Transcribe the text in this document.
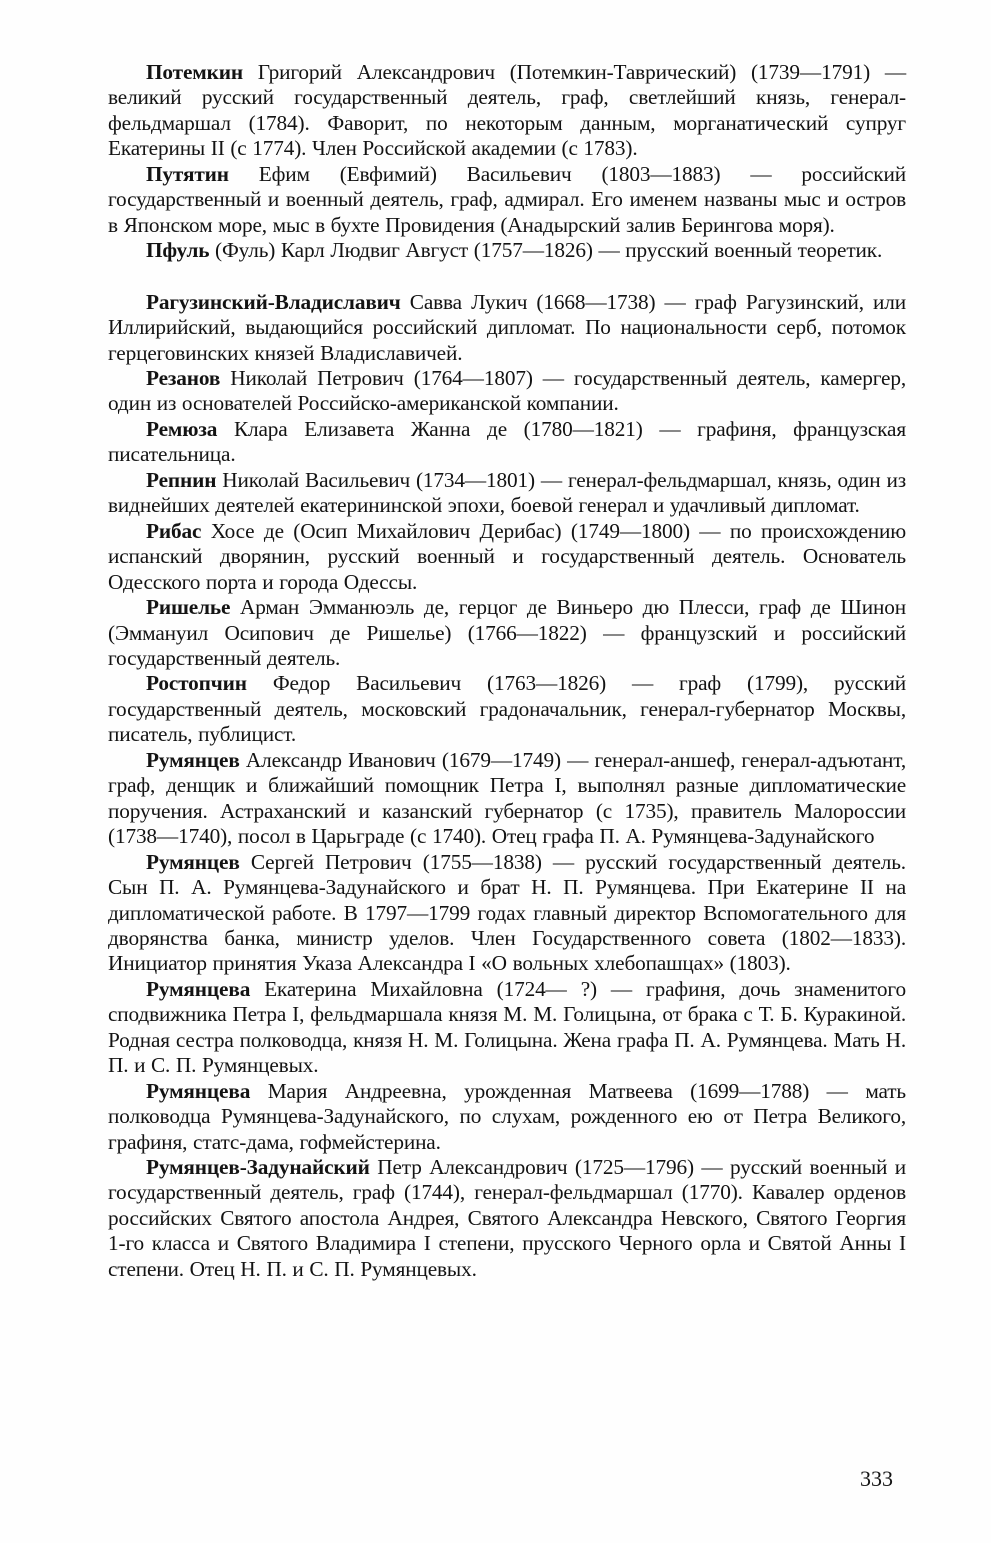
Потемкин Григорий Александрович (Потемкин-Таврический) (1739—1791) — великий русский государственный деятель, граф, светлейший князь, генерал-фельдмаршал (1784). Фаворит, по некоторым данным, морганатический супруг Екатерины II (с 1774). Член Российской академии (с 1783).

Путятин Ефим (Евфимий) Васильевич (1803—1883) — российский государственный и военный деятель, граф, адмирал. Его именем названы мыс и остров в Японском море, мыс в бухте Провидения (Анадырский залив Берингова моря).

Пфуль (Фуль) Карл Людвиг Август (1757—1826) — прусский военный теоретик.

Рагузинский-Владиславич Савва Лукич (1668—1738) — граф Рагузинский, или Иллирийский, выдающийся российский дипломат. По национальности серб, потомок герцеговинских князей Владиславичей.

Резанов Николай Петрович (1764—1807) — государственный деятель, камергер, один из основателей Российско-американской компании.

Ремюза Клара Елизавета Жанна де (1780—1821) — графиня, французская писательница.

Репнин Николай Васильевич (1734—1801) — генерал-фельдмаршал, князь, один из виднейших деятелей екатерининской эпохи, боевой генерал и удачливый дипломат.

Рибас Хосе де (Осип Михайлович Дерибас) (1749—1800) — по происхождению испанский дворянин, русский военный и государственный деятель. Основатель Одесского порта и города Одессы.

Ришелье Арман Эмманюэль де, герцог де Виньеро дю Плесси, граф де Шинон (Эммануил Осипович де Ришелье) (1766—1822) — французский и российский государственный деятель.

Ростопчин Федор Васильевич (1763—1826) — граф (1799), русский государственный деятель, московский градоначальник, генерал-губернатор Москвы, писатель, публицист.

Румянцев Александр Иванович (1679—1749) — генерал-аншеф, генерал-адъютант, граф, денщик и ближайший помощник Петра I, выполнял разные дипломатические поручения. Астраханский и казанский губернатор (с 1735), правитель Малороссии (1738—1740), посол в Царьграде (с 1740). Отец графа П. А. Румянцева-Задунайского

Румянцев Сергей Петрович (1755—1838) — русский государственный деятель. Сын П. А. Румянцева-Задунайского и брат Н. П. Румянцева. При Екатерине II на дипломатической работе. В 1797—1799 годах главный директор Вспомогательного для дворянства банка, министр уделов. Член Государственного совета (1802—1833). Инициатор принятия Указа Александра I «О вольных хлебопашцах» (1803).

Румянцева Екатерина Михайловна (1724— ?) — графиня, дочь знаменитого сподвижника Петра I, фельдмаршала князя М. М. Голицына, от брака с Т. Б. Куракиной. Родная сестра полководца, князя Н. М. Голицына. Жена графа П. А. Румянцева. Мать Н. П. и С. П. Румянцевых.

Румянцева Мария Андреевна, урожденная Матвеева (1699—1788) — мать полководца Румянцева-Задунайского, по слухам, рожденного ею от Петра Великого, графиня, статс-дама, гофмейстерина.

Румянцев-Задунайский Петр Александрович (1725—1796) — русский военный и государственный деятель, граф (1744), генерал-фельдмаршал (1770). Кавалер орденов российских Святого апостола Андрея, Святого Александра Невского, Святого Георгия 1-го класса и Святого Владимира I степени, прусского Черного орла и Святой Анны I степени. Отец Н. П. и С. П. Румянцевых.

333
